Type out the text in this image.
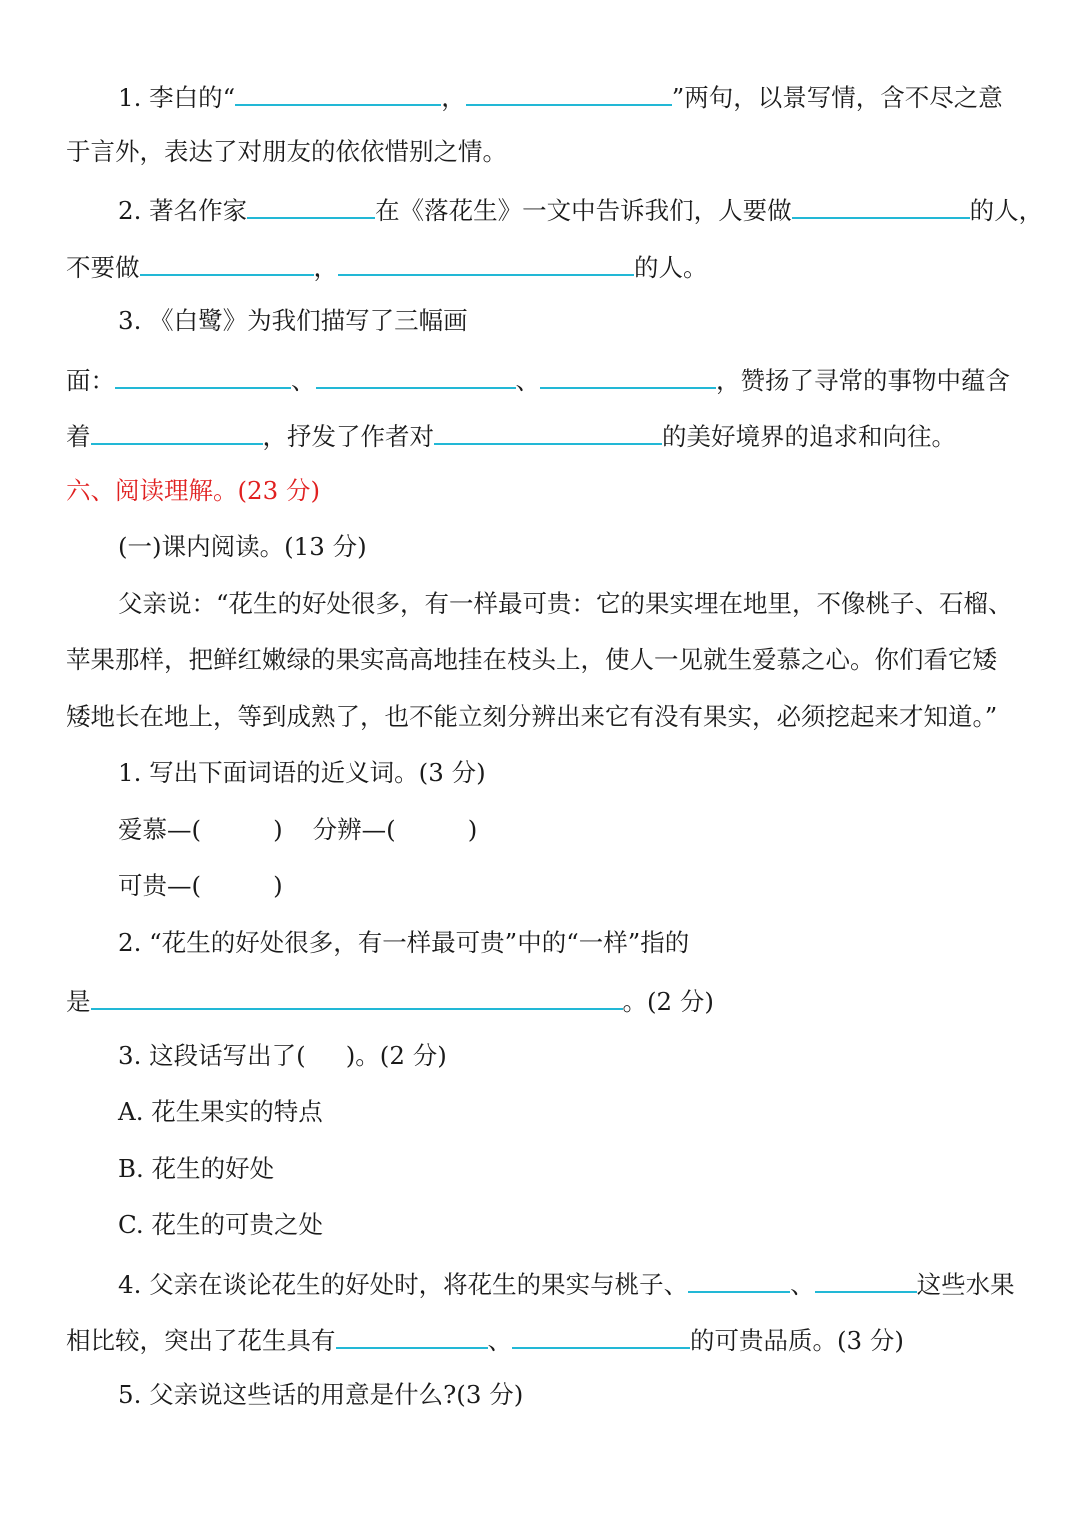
1. 李白的“	，	”两句，以景写情，含不尽之意
于言外，表达了对朋友的依依惜别之情。
2. 著名作家	在《落花生》一文中告诉我们，人要做	的人，
不要做	，	的人。
3. 《白鹭》为我们描写了三幅画
面：	、	、	，赞扬了寻常的事物中蕴含
着	，抒发了作者对	的美好境界的追求和向往。
六、阅读理解。(23 分)
(一)课内阅读。(13 分)
父亲说：“花生的好处很多，有一样最可贵：它的果实埋在地里，不像桃子、石榴、
苹果那样，把鲜红嫩绿的果实高高地挂在枝头上，使人一见就生爱慕之心。你们看它矮
矮地长在地上，等到成熟了，也不能立刻分辨出来它有没有果实，必须挖起来才知道。”
1. 写出下面词语的近义词。(3 分)
爱慕—(	) 分辨—(	)
可贵—(	)
2. “花生的好处很多，有一样最可贵”中的“一样”指的
是	。(2 分)
3. 这段话写出了( )。(2 分)
A. 花生果实的特点
B. 花生的好处
C. 花生的可贵之处
4. 父亲在谈论花生的好处时，将花生的果实与桃子、	、	这些水果
相比较，突出了花生具有	、	的可贵品质。(3 分)
5. 父亲说这些话的用意是什么?(3 分)
